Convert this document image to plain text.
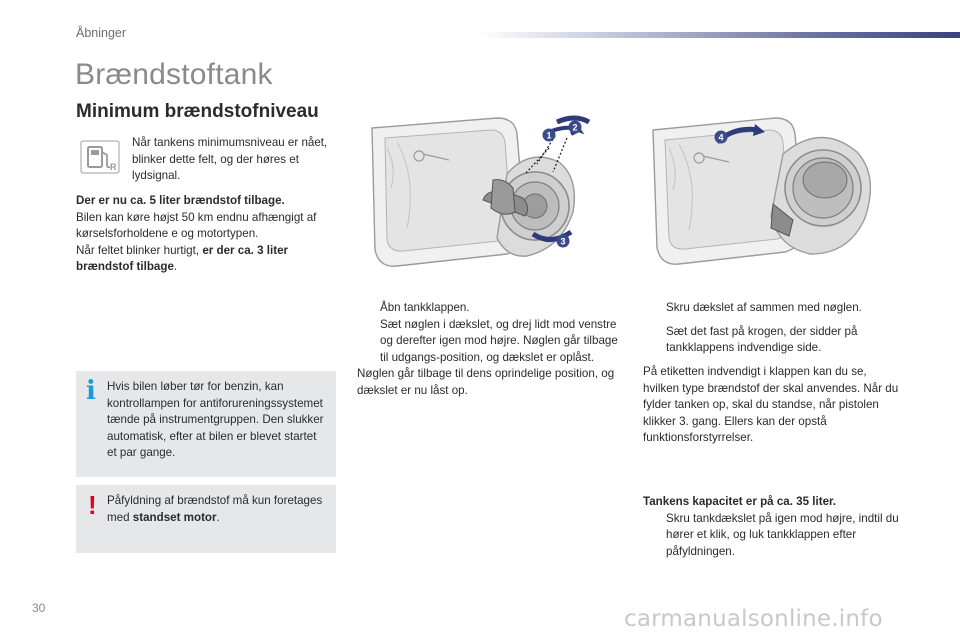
Åbninger
Brændstoftank
Minimum brændstofniveau
R
Når tankens minimumsniveau er nået, blinker dette felt, og der høres et lydsignal.
Der er nu ca. 5 liter brændstof tilbage.
Bilen kan køre højst 50 km endnu afhængigt af kørselsforholdene e og motortypen.
Når feltet blinker hurtigt, er der ca. 3 liter brændstof tilbage.
i Hvis bilen løber tør for benzin, kan kontrollampen for antiforureningssystemet tænde på instrumentgruppen. Den slukker automatisk, efter at bilen er blevet startet et par gange.
! Påfyldning af brændstof må kun foretages med standset motor.
1
2
3
4
Åbn tankklappen.
Sæt nøglen i dækslet, og drej lidt mod venstre og derefter igen mod højre. Nøglen går tilbage til udgangs-position, og dækslet er oplåst.
Nøglen går tilbage til dens oprindelige position, og dækslet er nu låst op.
Skru dækslet af sammen med nøglen.
Sæt det fast på krogen, der sidder på tankklappens indvendige side.
På etiketten indvendigt i klappen kan du se, hvilken type brændstof der skal anvendes. Når du fylder tanken op, skal du standse, når pistolen klikker 3. gang. Ellers kan der opstå funktionsforstyrrelser.
Tankens kapacitet er på ca. 35 liter.
Skru tankdækslet på igen mod højre, indtil du hører et klik, og luk tankklappen efter påfyldningen.
30	carmanualsonline.info
